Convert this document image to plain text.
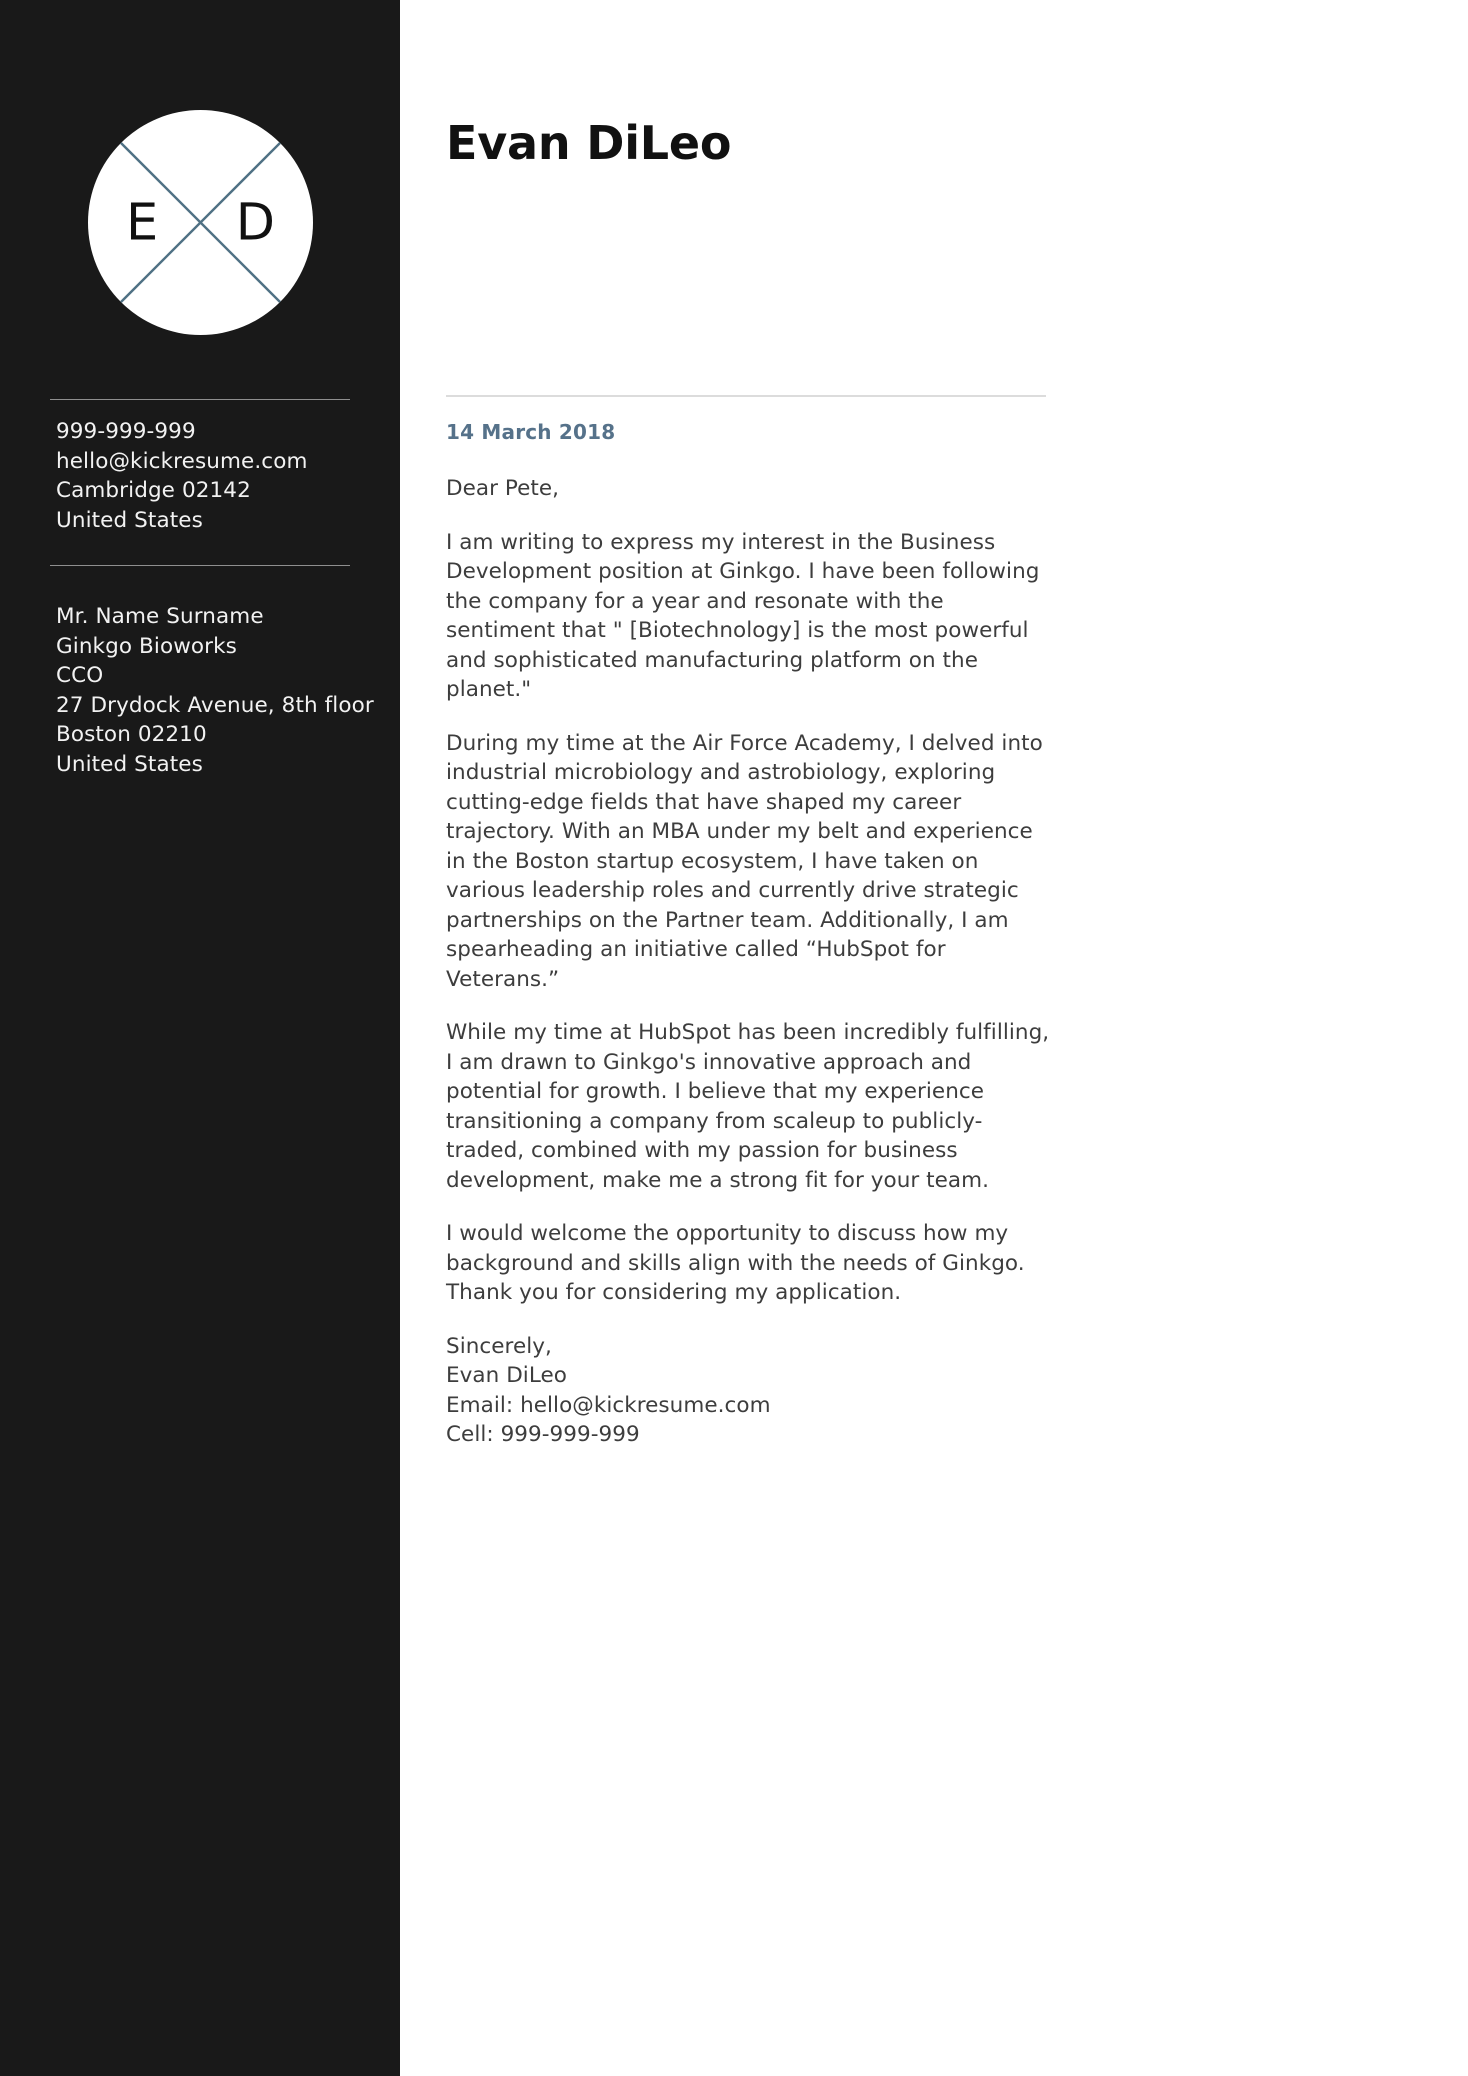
E D
999-999-999
hello@kickresume.com
Cambridge 02142
United States
Mr. Name Surname
Ginkgo Bioworks
CCO
27 Drydock Avenue, 8th floor
Boston 02210
United States
Evan DiLeo
14 March 2018

Dear Pete,

I am writing to express my interest in the Business Development position at Ginkgo. I have been following the company for a year and resonate with the sentiment that " [Biotechnology] is the most powerful and sophisticated manufacturing platform on the planet."

During my time at the Air Force Academy, I delved into industrial microbiology and astrobiology, exploring cutting-edge fields that have shaped my career trajectory. With an MBA under my belt and experience in the Boston startup ecosystem, I have taken on various leadership roles and currently drive strategic partnerships on the Partner team. Additionally, I am spearheading an initiative called “HubSpot for Veterans.”

While my time at HubSpot has been incredibly fulfilling, I am drawn to Ginkgo's innovative approach and potential for growth. I believe that my experience transitioning a company from scaleup to publicly-traded, combined with my passion for business development, make me a strong fit for your team.

I would welcome the opportunity to discuss how my background and skills align with the needs of Ginkgo. Thank you for considering my application.

Sincerely,
Evan DiLeo
Email: hello@kickresume.com
Cell: 999-999-999
